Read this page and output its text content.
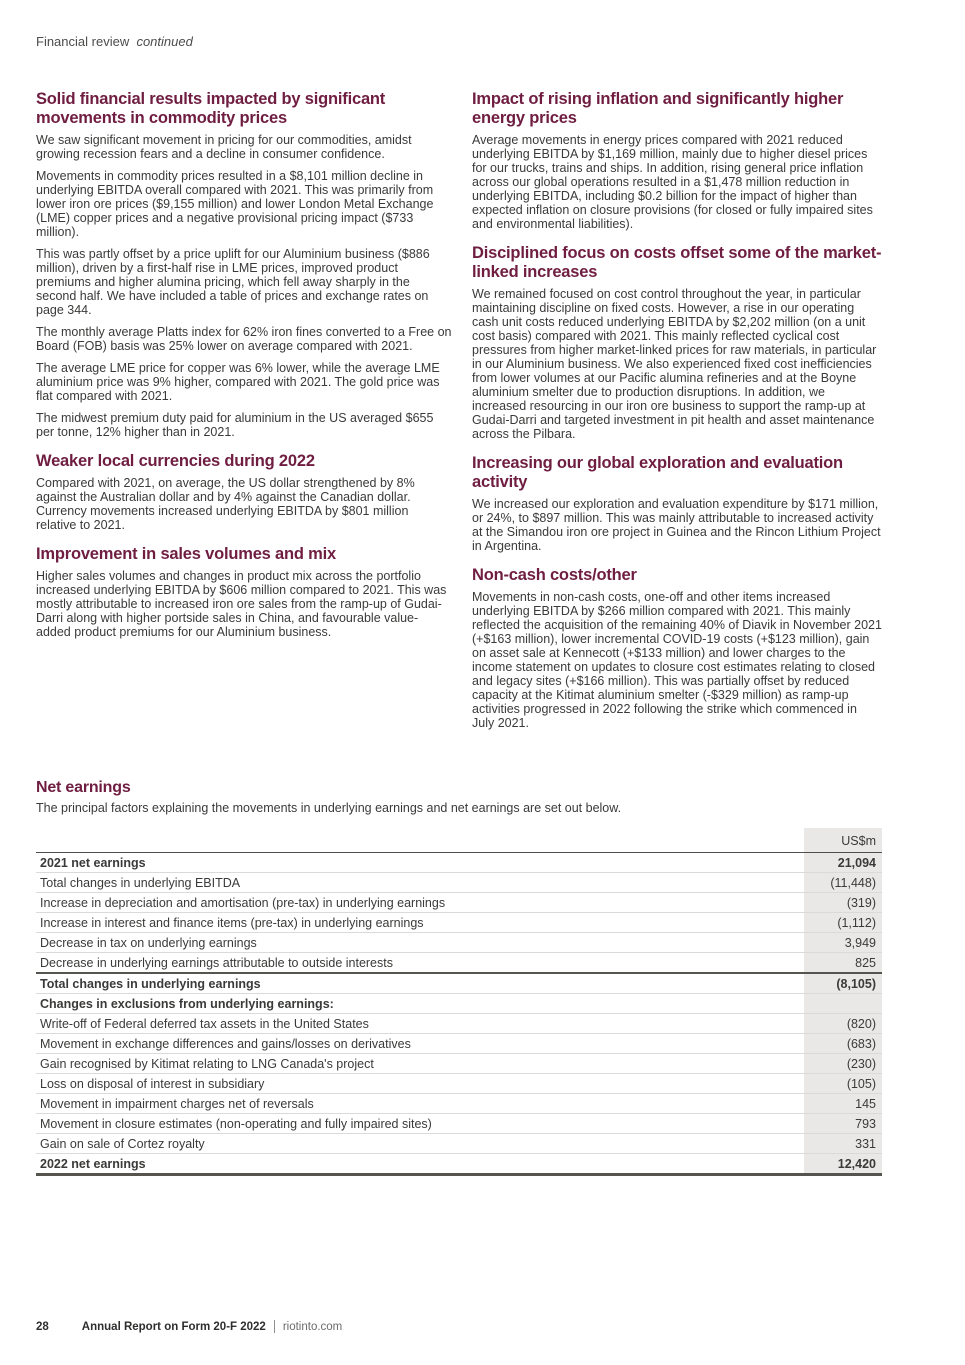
Financial review continued
Solid financial results impacted by significant movements in commodity prices

We saw significant movement in pricing for our commodities, amidst growing recession fears and a decline in consumer confidence.

Movements in commodity prices resulted in a $8,101 million decline in underlying EBITDA overall compared with 2021. This was primarily from lower iron ore prices ($9,155 million) and lower London Metal Exchange (LME) copper prices and a negative provisional pricing impact ($733 million).

This was partly offset by a price uplift for our Aluminium business ($886 million), driven by a first-half rise in LME prices, improved product premiums and higher alumina pricing, which fell away sharply in the second half. We have included a table of prices and exchange rates on page 344.

The monthly average Platts index for 62% iron fines converted to a Free on Board (FOB) basis was 25% lower on average compared with 2021.

The average LME price for copper was 6% lower, while the average LME aluminium price was 9% higher, compared with 2021. The gold price was flat compared with 2021.

The midwest premium duty paid for aluminium in the US averaged $655 per tonne, 12% higher than in 2021.

Weaker local currencies during 2022

Compared with 2021, on average, the US dollar strengthened by 8% against the Australian dollar and by 4% against the Canadian dollar. Currency movements increased underlying EBITDA by $801 million relative to 2021.

Improvement in sales volumes and mix

Higher sales volumes and changes in product mix across the portfolio increased underlying EBITDA by $606 million compared to 2021. This was mostly attributable to increased iron ore sales from the ramp-up of Gudai-Darri along with higher portside sales in China, and favourable value-added product premiums for our Aluminium business.

Impact of rising inflation and significantly higher energy prices

Average movements in energy prices compared with 2021 reduced underlying EBITDA by $1,169 million, mainly due to higher diesel prices for our trucks, trains and ships. In addition, rising general price inflation across our global operations resulted in a $1,478 million reduction in underlying EBITDA, including $0.2 billion for the impact of higher than expected inflation on closure provisions (for closed or fully impaired sites and environmental liabilities).

Disciplined focus on costs offset some of the market-linked increases

We remained focused on cost control throughout the year, in particular maintaining discipline on fixed costs. However, a rise in our operating cash unit costs reduced underlying EBITDA by $2,202 million (on a unit cost basis) compared with 2021. This mainly reflected cyclical cost pressures from higher market-linked prices for raw materials, in particular in our Aluminium business. We also experienced fixed cost inefficiencies from lower volumes at our Pacific alumina refineries and at the Boyne aluminium smelter due to production disruptions. In addition, we increased resourcing in our iron ore business to support the ramp-up at Gudai-Darri and targeted investment in pit health and asset maintenance across the Pilbara.

Increasing our global exploration and evaluation activity

We increased our exploration and evaluation expenditure by $171 million, or 24%, to $897 million. This was mainly attributable to increased activity at the Simandou iron ore project in Guinea and the Rincon Lithium Project in Argentina.

Non-cash costs/other

Movements in non-cash costs, one-off and other items increased underlying EBITDA by $266 million compared with 2021. This mainly reflected the acquisition of the remaining 40% of Diavik in November 2021 (+$163 million), lower incremental COVID-19 costs (+$123 million), gain on asset sale at Kennecott (+$133 million) and lower charges to the income statement on updates to closure cost estimates relating to closed and legacy sites (+$166 million). This was partially offset by reduced capacity at the Kitimat aluminium smelter (-$329 million) as ramp-up activities progressed in 2022 following the strike which commenced in July 2021.

Net earnings

The principal factors explaining the movements in underlying earnings and net earnings are set out below.

	US$m
2021 net earnings	21,094
Total changes in underlying EBITDA	(11,448)
Increase in depreciation and amortisation (pre-tax) in underlying earnings	(319)
Increase in interest and finance items (pre-tax) in underlying earnings	(1,112)
Decrease in tax on underlying earnings	3,949
Decrease in underlying earnings attributable to outside interests	825
Total changes in underlying earnings	(8,105)
Changes in exclusions from underlying earnings:	
Write-off of Federal deferred tax assets in the United States	(820)
Movement in exchange differences and gains/losses on derivatives	(683)
Gain recognised by Kitimat relating to LNG Canada's project	(230)
Loss on disposal of interest in subsidiary	(105)
Movement in impairment charges net of reversals	145
Movement in closure estimates (non-operating and fully impaired sites)	793
Gain on sale of Cortez royalty	331
2022 net earnings	12,420
28	Annual Report on Form 20-F 2022 riotinto.com
